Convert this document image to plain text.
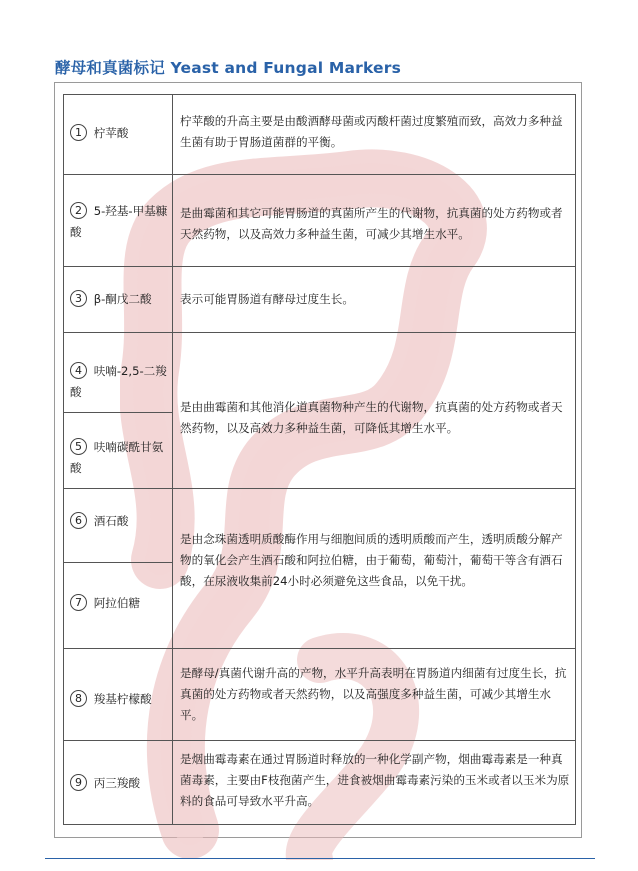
酵母和真菌标记 Yeast and Fungal Markers
1 柠苹酸	柠苹酸的升高主要是由酸酒酵母菌或丙酸杆菌过度繁殖而致，高效力多种益生菌有助于胃肠道菌群的平衡。

2 5-羟基-甲基糠酸	是曲霉菌和其它可能胃肠道的真菌所产生的代谢物，抗真菌的处方药物或者天然药物，以及高效力多种益生菌，可减少其增生水平。

3 β-酮戊二酸	表示可能胃肠道有酵母过度生长。

4 呋喃-2,5-二羧酸	是由曲霉菌和其他消化道真菌物种产生的代谢物，抗真菌的处方药物或者天然药物，以及高效力多种益生菌，可降低其增生水平。

5 呋喃碳酰甘氨酸	

6 酒石酸	是由念珠菌透明质酸酶作用与细胞间质的透明质酸而产生，透明质酸分解产物的氧化会产生酒石酸和阿拉伯糖，由于葡萄，葡萄汁，葡萄干等含有酒石酸，在尿液收集前24小时必须避免这些食品，以免干扰。

7 阿拉伯糖	

8 羧基柠檬酸	是酵母/真菌代谢升高的产物，水平升高表明在胃肠道内细菌有过度生长，抗真菌的处方药物或者天然药物，以及高强度多种益生菌，可减少其增生水平。

9 丙三羧酸	是烟曲霉毒素在通过胃肠道时释放的一种化学副产物，烟曲霉毒素是一种真菌毒素，主要由F枝孢菌产生，进食被烟曲霉毒素污染的玉米或者以玉米为原料的食品可导致水平升高。
